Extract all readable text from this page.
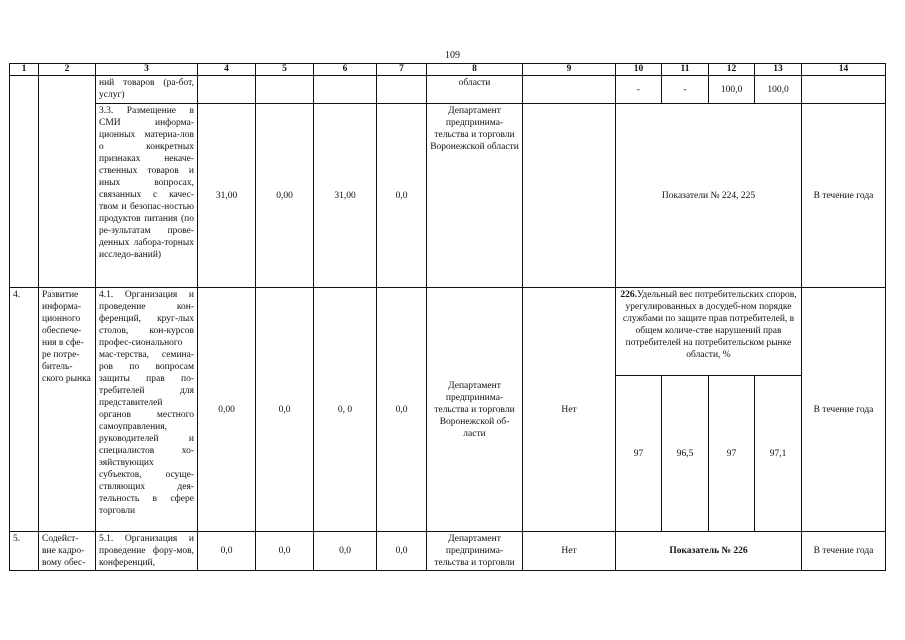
109
1	2	3	4	5	6	7	8	9	10	11	12	13	14
		ний товаров (ра-бот, услуг)					области		-	-	100,0	100,0	
		3.3. Размещение в СМИ информа-ционных материа-лов о конкретных признаках некаче-ственных товаров и иных вопросах, связанных с качес-твом и безопас-ностью продуктов питания (по ре-зультатам прове-денных лабора-торных исследо-ваний)	31,00	0,00	31,00	0,0	Департамент предпринима-тельства и торговли Воронежской области		Показатели № 224, 225				В течение года
4.	Развитие информа-ционного обеспече-ния в сфе-ре потре-битель-ского рынка	4.1. Организация и проведение кон-ференций, круг-лых столов, кон-курсов профес-сионального мас-терства, семина-ров по вопросам защиты прав по-требителей для представителей органов местного самоуправления, руководителей и специалистов хо-зяйствующих субъектов, осуще-ствляющих дея-тельность в сфере торговли	0,00	0,0	0, 0	0,0	Департамент предпринима-тельства и торговли Воронежской об-ласти	Нет	226.Удельный вес потребительских споров, урегулированных в досудеб-ном порядке службами по защите прав потребителей, в общем количе-стве нарушений прав потребителей на потребительском рынке области, %				В течение года
									97	96,5	97	97,1	
5.	Содейст-вие кадро-вому обес-	5.1. Организация и проведение фору-мов, конференций,	0,0	0,0	0,0	0,0	Департамент предпринима-тельства и торговли	Нет	Показатель № 226				В течение года
